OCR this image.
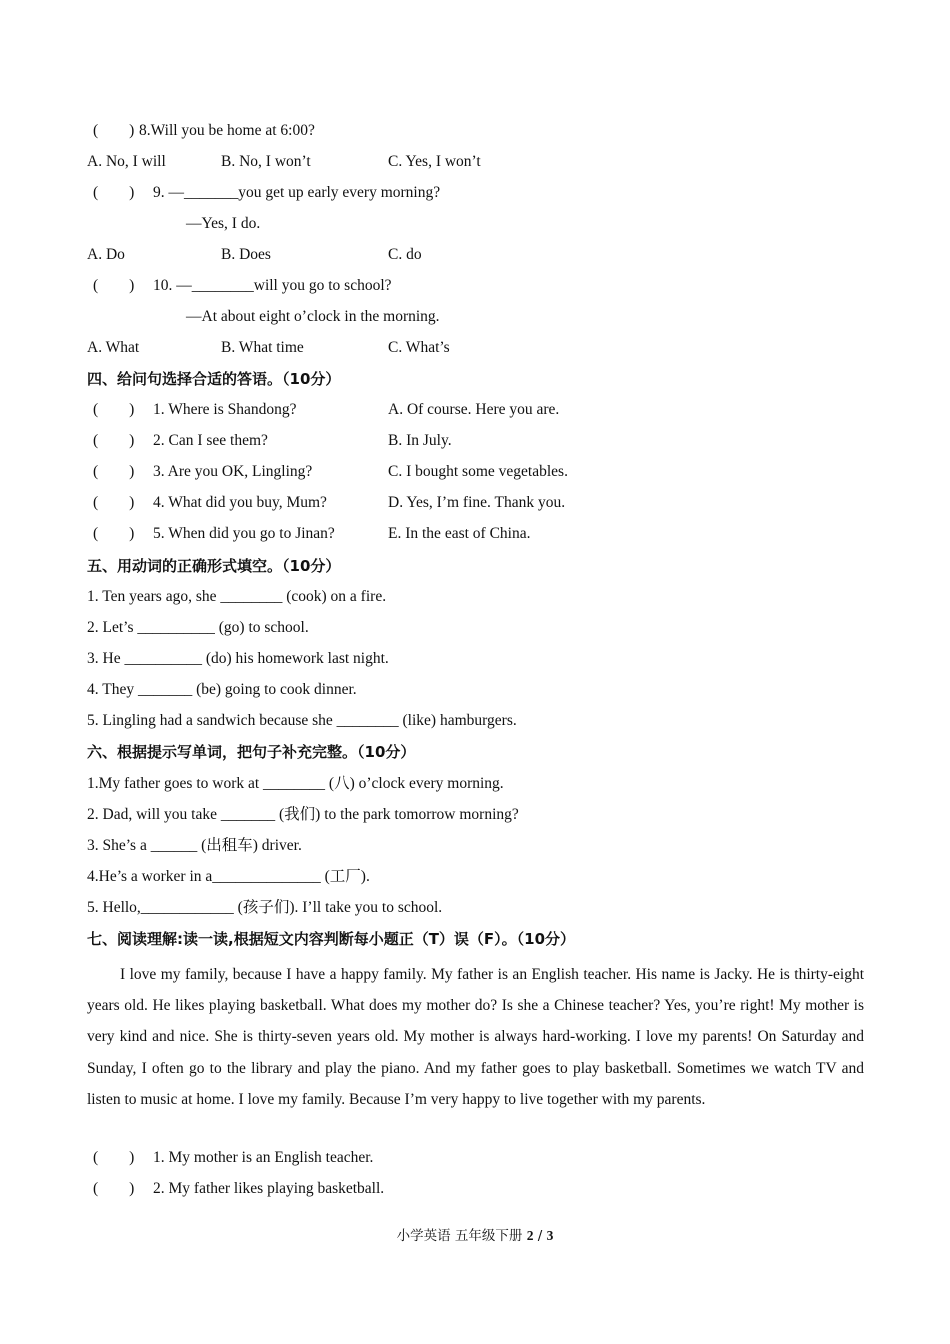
(　　) 8.Will you be home at 6:00?
A. No, I will	B. No, I won’t	C. Yes, I won’t
(　　) 9. —_______you get up early every morning?
—Yes, I do.
A. Do	B. Does	C. do
(　　) 10. —________will you go to school?
—At about eight o’clock in the morning.
A. What	B. What time	C. What’s
四、给问句选择合适的答语。（10分）
(　　) 1. Where is Shandong?	A. Of course. Here you are.
(　　) 2. Can I see them?	B. In July.
(　　) 3. Are you OK, Lingling?	C. I bought some vegetables.
(　　) 4. What did you buy, Mum?	D. Yes, I’m fine. Thank you.
(　　) 5. When did you go to Jinan?	E. In the east of China.
五、用动词的正确形式填空。（10分）
1. Ten years ago, she ________ (cook) on a fire.
2. Let’s __________ (go) to school.
3. He __________ (do) his homework last night.
4. They _______ (be) going to cook dinner.
5. Lingling had a sandwich because she ________ (like) hamburgers.
六、根据提示写单词，把句子补充完整。（10分）
1.My father goes to work at ________ (八) o’clock every morning.
2. Dad, will you take _______ (我们) to the park tomorrow morning?
3. She’s a ______ (出租车) driver.
4.He’s a worker in a______________ (工厂).
5. Hello,____________ (孩子们). I’ll take you to school.
七、阅读理解:读一读,根据短文内容判断每小题正（T）误（F）。（10分）
I love my family, because I have a happy family. My father is an English teacher. His name is Jacky. He is thirty-eight years old. He likes playing basketball. What does my mother do? Is she a Chinese teacher? Yes, you’re right! My mother is very kind and nice. She is thirty-seven years old. My mother is always hard-working. I love my parents! On Saturday and Sunday, I often go to the library and play the piano. And my father goes to play basketball. Sometimes we watch TV and listen to music at home. I love my family. Because I’m very happy to live together with my parents.
(　　) 1. My mother is an English teacher.
(　　) 2. My father likes playing basketball.
小学英语 五年级下册 2 / 3
